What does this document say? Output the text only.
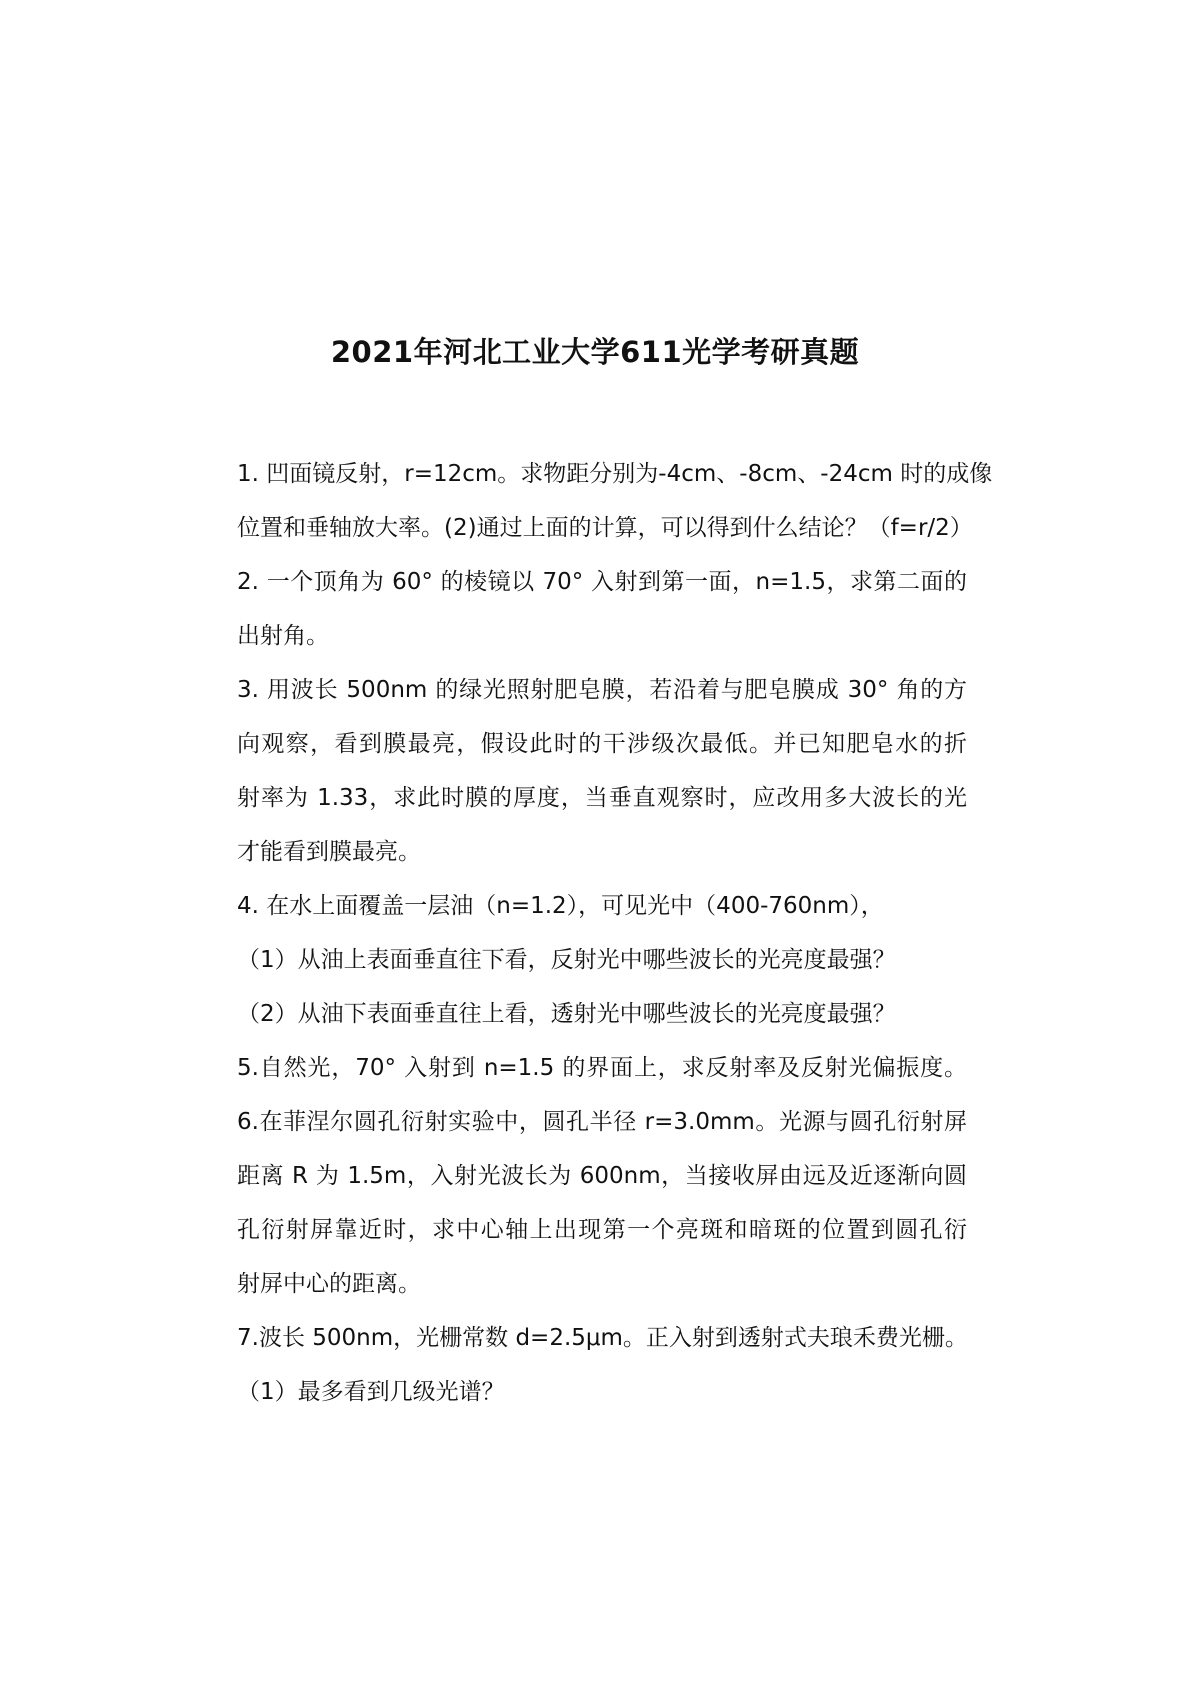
2021年河北工业大学611光学考研真题
1. 凹面镜反射，r=12cm。求物距分别为-4cm、-8cm、-24cm 时的成像
位置和垂轴放大率。(2)通过上面的计算，可以得到什么结论？（f=r/2）
2. 一个顶角为 60° 的棱镜以 70° 入射到第一面，n=1.5，求第二面的
出射角。
3. 用波长 500nm 的绿光照射肥皂膜，若沿着与肥皂膜成 30° 角的方
向观察，看到膜最亮，假设此时的干涉级次最低。并已知肥皂水的折
射率为 1.33，求此时膜的厚度，当垂直观察时，应改用多大波长的光
才能看到膜最亮。
4. 在水上面覆盖一层油（n=1.2），可见光中（400-760nm），
（1）从油上表面垂直往下看，反射光中哪些波长的光亮度最强？
（2）从油下表面垂直往上看，透射光中哪些波长的光亮度最强？
5.自然光，70° 入射到 n=1.5 的界面上，求反射率及反射光偏振度。
6.在菲涅尔圆孔衍射实验中，圆孔半径 r=3.0mm。光源与圆孔衍射屏
距离 R 为 1.5m，入射光波长为 600nm，当接收屏由远及近逐渐向圆
孔衍射屏靠近时，求中心轴上出现第一个亮斑和暗斑的位置到圆孔衍
射屏中心的距离。
7.波长 500nm，光栅常数 d=2.5μm。正入射到透射式夫琅禾费光栅。
（1）最多看到几级光谱？
